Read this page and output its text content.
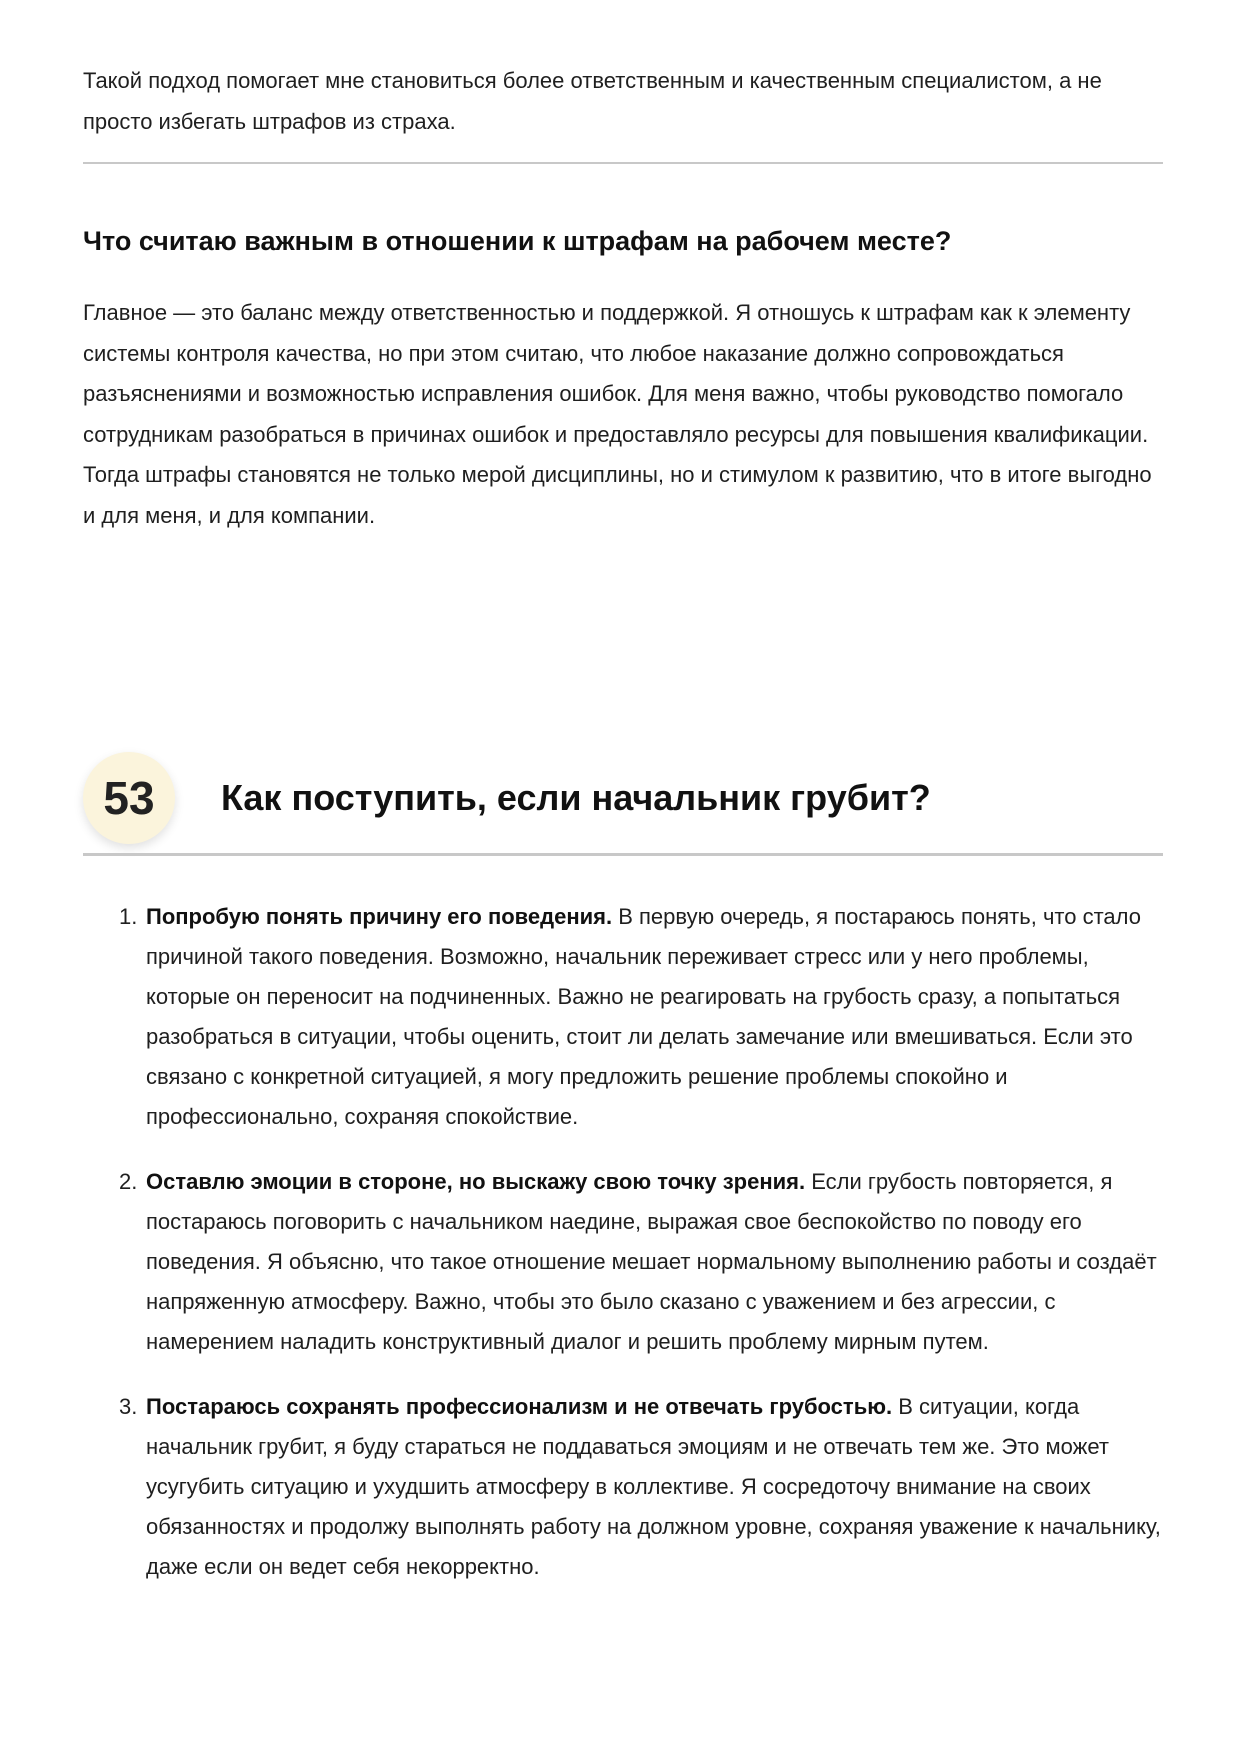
Такой подход помогает мне становиться более ответственным и качественным специалистом, а не просто избегать штрафов из страха.

Что считаю важным в отношении к штрафам на рабочем месте?

Главное — это баланс между ответственностью и поддержкой. Я отношусь к штрафам как к элементу системы контроля качества, но при этом считаю, что любое наказание должно сопровождаться разъяснениями и возможностью исправления ошибок. Для меня важно, чтобы руководство помогало сотрудникам разобраться в причинах ошибок и предоставляло ресурсы для повышения квалификации. Тогда штрафы становятся не только мерой дисциплины, но и стимулом к развитию, что в итоге выгодно и для меня, и для компании.

53	Как поступить, если начальник грубит?
1. Попробую понять причину его поведения. В первую очередь, я постараюсь понять, что стало причиной такого поведения. Возможно, начальник переживает стресс или у него проблемы, которые он переносит на подчиненных. Важно не реагировать на грубость сразу, а попытаться разобраться в ситуации, чтобы оценить, стоит ли делать замечание или вмешиваться. Если это связано с конкретной ситуацией, я могу предложить решение проблемы спокойно и профессионально, сохраняя спокойствие.
2. Оставлю эмоции в стороне, но выскажу свою точку зрения. Если грубость повторяется, я постараюсь поговорить с начальником наедине, выражая свое беспокойство по поводу его поведения. Я объясню, что такое отношение мешает нормальному выполнению работы и создаёт напряженную атмосферу. Важно, чтобы это было сказано с уважением и без агрессии, с намерением наладить конструктивный диалог и решить проблему мирным путем.
3. Постараюсь сохранять профессионализм и не отвечать грубостью. В ситуации, когда начальник грубит, я буду стараться не поддаваться эмоциям и не отвечать тем же. Это может усугубить ситуацию и ухудшить атмосферу в коллективе. Я сосредоточу внимание на своих обязанностях и продолжу выполнять работу на должном уровне, сохраняя уважение к начальнику, даже если он ведет себя некорректно.
